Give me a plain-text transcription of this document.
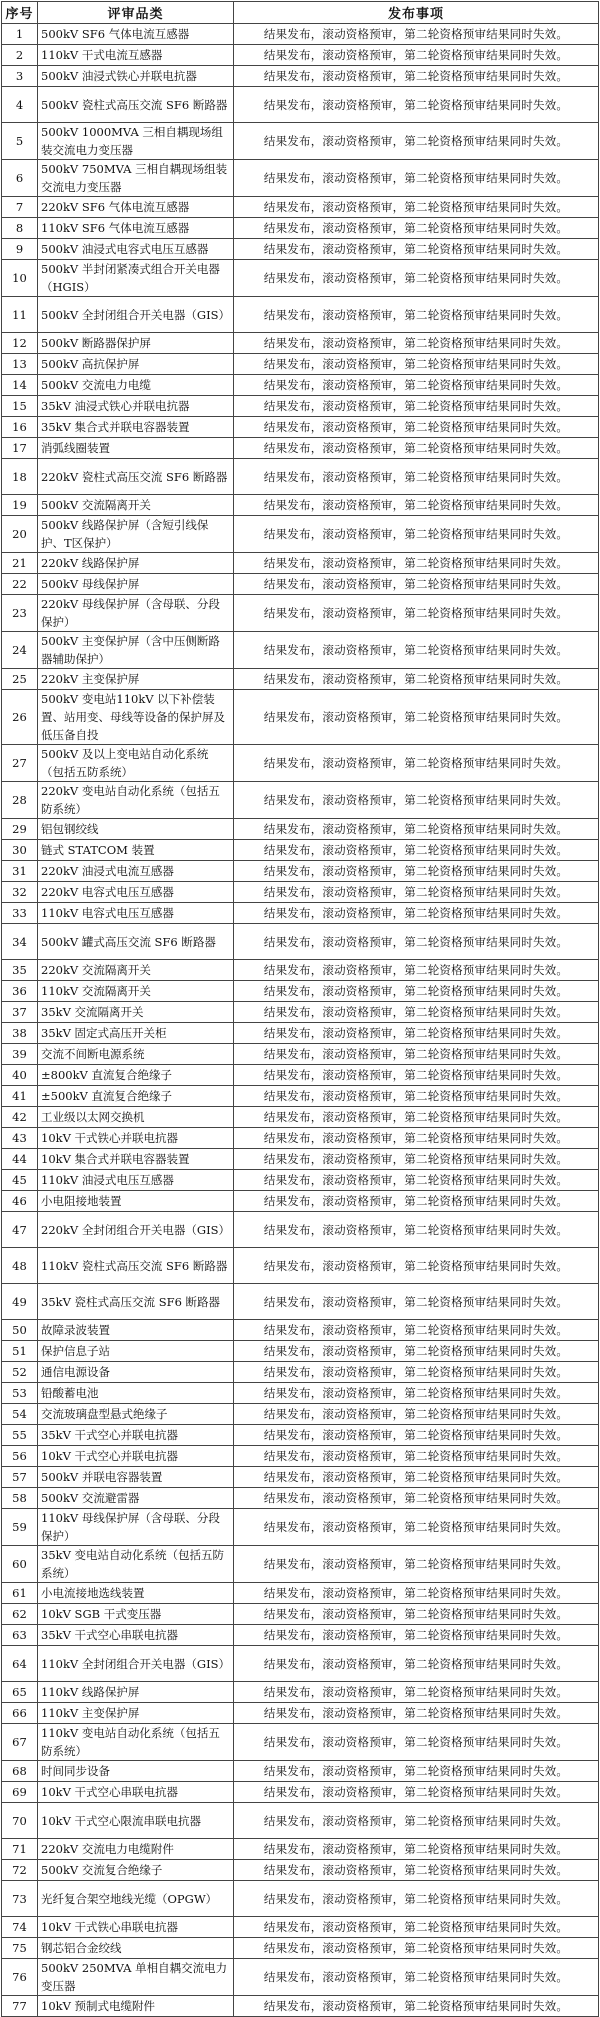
序号	评审品类	发布事项
1	500kV SF6 气体电流互感器	结果发布，滚动资格预审，第二轮资格预审结果同时失效。
2	110kV 干式电流互感器	结果发布，滚动资格预审，第二轮资格预审结果同时失效。
3	500kV 油浸式铁心并联电抗器	结果发布，滚动资格预审，第二轮资格预审结果同时失效。
4	500kV 瓷柱式高压交流 SF6 断路器	结果发布，滚动资格预审，第二轮资格预审结果同时失效。
5	500kV 1000MVA 三相自耦现场组装交流电力变压器	结果发布，滚动资格预审，第二轮资格预审结果同时失效。
6	500kV 750MVA 三相自耦现场组装交流电力变压器	结果发布，滚动资格预审，第二轮资格预审结果同时失效。
7	220kV SF6 气体电流互感器	结果发布，滚动资格预审，第二轮资格预审结果同时失效。
8	110kV SF6 气体电流互感器	结果发布，滚动资格预审，第二轮资格预审结果同时失效。
9	500kV 油浸式电容式电压互感器	结果发布，滚动资格预审，第二轮资格预审结果同时失效。
10	500kV 半封闭紧凑式组合开关电器（HGIS）	结果发布，滚动资格预审，第二轮资格预审结果同时失效。
11	500kV 全封闭组合开关电器（GIS）	结果发布，滚动资格预审，第二轮资格预审结果同时失效。
12	500kV 断路器保护屏	结果发布，滚动资格预审，第二轮资格预审结果同时失效。
13	500kV 高抗保护屏	结果发布，滚动资格预审，第二轮资格预审结果同时失效。
14	500kV 交流电力电缆	结果发布，滚动资格预审，第二轮资格预审结果同时失效。
15	35kV 油浸式铁心并联电抗器	结果发布，滚动资格预审，第二轮资格预审结果同时失效。
16	35kV 集合式并联电容器装置	结果发布，滚动资格预审，第二轮资格预审结果同时失效。
17	消弧线圈装置	结果发布，滚动资格预审，第二轮资格预审结果同时失效。
18	220kV 瓷柱式高压交流 SF6 断路器	结果发布，滚动资格预审，第二轮资格预审结果同时失效。
19	500kV 交流隔离开关	结果发布，滚动资格预审，第二轮资格预审结果同时失效。
20	500kV 线路保护屏（含短引线保护、T区保护）	结果发布，滚动资格预审，第二轮资格预审结果同时失效。
21	220kV 线路保护屏	结果发布，滚动资格预审，第二轮资格预审结果同时失效。
22	500kV 母线保护屏	结果发布，滚动资格预审，第二轮资格预审结果同时失效。
23	220kV 母线保护屏（含母联、分段保护）	结果发布，滚动资格预审，第二轮资格预审结果同时失效。
24	500kV 主变保护屏（含中压侧断路器辅助保护）	结果发布，滚动资格预审，第二轮资格预审结果同时失效。
25	220kV 主变保护屏	结果发布，滚动资格预审，第二轮资格预审结果同时失效。
26	500kV 变电站110kV 以下补偿装置、站用变、母线等设备的保护屏及低压备自投	结果发布，滚动资格预审，第二轮资格预审结果同时失效。
27	500kV 及以上变电站自动化系统（包括五防系统）	结果发布，滚动资格预审，第二轮资格预审结果同时失效。
28	220kV 变电站自动化系统（包括五防系统）	结果发布，滚动资格预审，第二轮资格预审结果同时失效。
29	铝包钢绞线	结果发布，滚动资格预审，第二轮资格预审结果同时失效。
30	链式 STATCOM 装置	结果发布，滚动资格预审，第二轮资格预审结果同时失效。
31	220kV 油浸式电流互感器	结果发布，滚动资格预审，第二轮资格预审结果同时失效。
32	220kV 电容式电压互感器	结果发布，滚动资格预审，第二轮资格预审结果同时失效。
33	110kV 电容式电压互感器	结果发布，滚动资格预审，第二轮资格预审结果同时失效。
34	500kV 罐式高压交流 SF6 断路器	结果发布，滚动资格预审，第二轮资格预审结果同时失效。
35	220kV 交流隔离开关	结果发布，滚动资格预审，第二轮资格预审结果同时失效。
36	110kV 交流隔离开关	结果发布，滚动资格预审，第二轮资格预审结果同时失效。
37	35kV 交流隔离开关	结果发布，滚动资格预审，第二轮资格预审结果同时失效。
38	35kV 固定式高压开关柜	结果发布，滚动资格预审，第二轮资格预审结果同时失效。
39	交流不间断电源系统	结果发布，滚动资格预审，第二轮资格预审结果同时失效。
40	±800kV 直流复合绝缘子	结果发布，滚动资格预审，第二轮资格预审结果同时失效。
41	±500kV 直流复合绝缘子	结果发布，滚动资格预审，第二轮资格预审结果同时失效。
42	工业级以太网交换机	结果发布，滚动资格预审，第二轮资格预审结果同时失效。
43	10kV 干式铁心并联电抗器	结果发布，滚动资格预审，第二轮资格预审结果同时失效。
44	10kV 集合式并联电容器装置	结果发布，滚动资格预审，第二轮资格预审结果同时失效。
45	110kV 油浸式电压互感器	结果发布，滚动资格预审，第二轮资格预审结果同时失效。
46	小电阻接地装置	结果发布，滚动资格预审，第二轮资格预审结果同时失效。
47	220kV 全封闭组合开关电器（GIS）	结果发布，滚动资格预审，第二轮资格预审结果同时失效。
48	110kV 瓷柱式高压交流 SF6 断路器	结果发布，滚动资格预审，第二轮资格预审结果同时失效。
49	35kV 瓷柱式高压交流 SF6 断路器	结果发布，滚动资格预审，第二轮资格预审结果同时失效。
50	故障录波装置	结果发布，滚动资格预审，第二轮资格预审结果同时失效。
51	保护信息子站	结果发布，滚动资格预审，第二轮资格预审结果同时失效。
52	通信电源设备	结果发布，滚动资格预审，第二轮资格预审结果同时失效。
53	铅酸蓄电池	结果发布，滚动资格预审，第二轮资格预审结果同时失效。
54	交流玻璃盘型悬式绝缘子	结果发布，滚动资格预审，第二轮资格预审结果同时失效。
55	35kV 干式空心并联电抗器	结果发布，滚动资格预审，第二轮资格预审结果同时失效。
56	10kV 干式空心并联电抗器	结果发布，滚动资格预审，第二轮资格预审结果同时失效。
57	500kV 并联电容器装置	结果发布，滚动资格预审，第二轮资格预审结果同时失效。
58	500kV 交流避雷器	结果发布，滚动资格预审，第二轮资格预审结果同时失效。
59	110kV 母线保护屏（含母联、分段保护）	结果发布，滚动资格预审，第二轮资格预审结果同时失效。
60	35kV 变电站自动化系统（包括五防系统）	结果发布，滚动资格预审，第二轮资格预审结果同时失效。
61	小电流接地选线装置	结果发布，滚动资格预审，第二轮资格预审结果同时失效。
62	10kV SGB 干式变压器	结果发布，滚动资格预审，第二轮资格预审结果同时失效。
63	35kV 干式空心串联电抗器	结果发布，滚动资格预审，第二轮资格预审结果同时失效。
64	110kV 全封闭组合开关电器（GIS）	结果发布，滚动资格预审，第二轮资格预审结果同时失效。
65	110kV 线路保护屏	结果发布，滚动资格预审，第二轮资格预审结果同时失效。
66	110kV 主变保护屏	结果发布，滚动资格预审，第二轮资格预审结果同时失效。
67	110kV 变电站自动化系统（包括五防系统）	结果发布，滚动资格预审，第二轮资格预审结果同时失效。
68	时间同步设备	结果发布，滚动资格预审，第二轮资格预审结果同时失效。
69	10kV 干式空心串联电抗器	结果发布，滚动资格预审，第二轮资格预审结果同时失效。
70	10kV 干式空心限流串联电抗器	结果发布，滚动资格预审，第二轮资格预审结果同时失效。
71	220kV 交流电力电缆附件	结果发布，滚动资格预审，第二轮资格预审结果同时失效。
72	500kV 交流复合绝缘子	结果发布，滚动资格预审，第二轮资格预审结果同时失效。
73	光纤复合架空地线光缆（OPGW）	结果发布，滚动资格预审，第二轮资格预审结果同时失效。
74	10kV 干式铁心串联电抗器	结果发布，滚动资格预审，第二轮资格预审结果同时失效。
75	钢芯铝合金绞线	结果发布，滚动资格预审，第二轮资格预审结果同时失效。
76	500kV 250MVA 单相自耦交流电力变压器	结果发布，滚动资格预审，第二轮资格预审结果同时失效。
77	10kV 预制式电缆附件	结果发布，滚动资格预审，第二轮资格预审结果同时失效。
